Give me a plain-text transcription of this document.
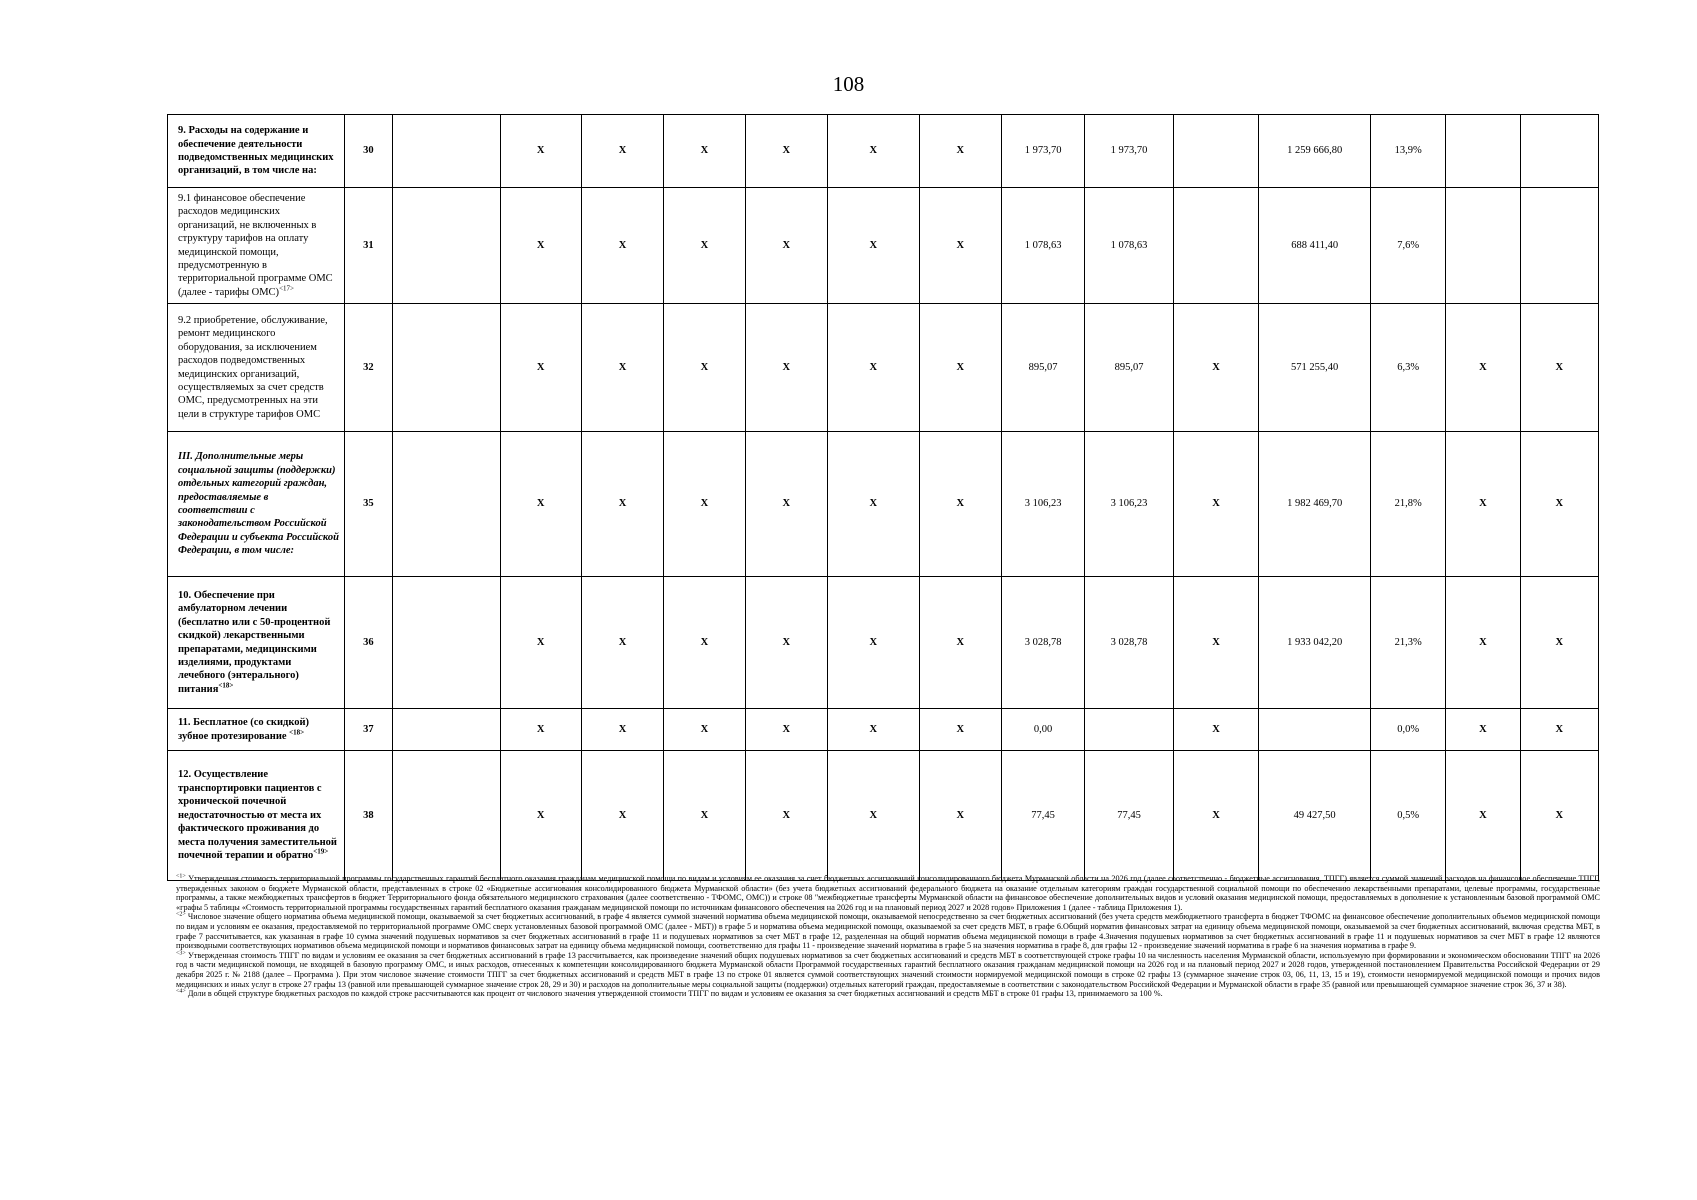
108
9. Расходы на содержание и обеспечение деятельности подведомственных медицинских организаций, в том числе на:	30		X	X	X	X	X	X	1 973,70	1 973,70		1 259 666,80	13,9%		
9.1 финансовое обеспечение расходов медицинских организаций, не включенных в структуру тарифов на оплату медицинской помощи, предусмотренную в территориальной программе ОМС (далее - тарифы ОМС)$^{<17>}$	31		X	X	X	X	X	X	1 078,63	1 078,63		688 411,40	7,6%		
9.2 приобретение, обслуживание, ремонт медицинского оборудования, за исключением расходов подведомственных медицинских организаций, осуществляемых за счет средств ОМС, предусмотренных на эти цели в структуре тарифов ОМС	32		X	X	X	X	X	X	895,07	895,07	X	571 255,40	6,3%	X	X
III. Дополнительные меры социальной защиты (поддержки) отдельных категорий граждан, предоставляемые в соответствии с законодательством Российской Федерации и субъекта Российской Федерации, в том числе:	35		X	X	X	X	X	X	3 106,23	3 106,23	X	1 982 469,70	21,8%	X	X
10. Обеспечение при амбулаторном лечении (бесплатно или с 50-процентной скидкой) лекарственными препаратами, медицинскими изделиями, продуктами лечебного (энтерального) питания$^{<18>}$	36		X	X	X	X	X	X	3 028,78	3 028,78	X	1 933 042,20	21,3%	X	X
11. Бесплатное (со скидкой) зубное протезирование $^{<18>}$	37		X	X	X	X	X	X	0,00		X		0,0%	X	X
12. Осуществление транспортировки пациентов с хронической почечной недостаточностью от места их фактического проживания до места получения заместительной почечной терапии и обратно$^{<19>}$	38		X	X	X	X	X	X	77,45	77,45	X	49 427,50	0,5%	X	X

$^{<1>}$ Утвержденная стоимость территориальной программы государственных гарантий бесплатного оказания гражданам медицинской помощи по видам и условиям ее оказания за счет бюджетных ассигнований консолидированного бюджета Мурманской области на 2026 год (далее соответственно - бюджетные ассигнования, ТПГГ) является суммой значений расходов на финансовое обеспечение ТПГГ, утвержденных законом о бюджете Мурманской области, представленных в строке 02 «Бюджетные ассигнования консолидированного бюджета Мурманской области» (без учета бюджетных ассигнований федерального бюджета на оказание отдельным категориям граждан государственной социальной помощи по обеспечению лекарственными препаратами, целевые программы, государственные программы, а также межбюджетных трансфертов в бюджет Территориального фонда обязательного медицинского страхования (далее соответственно - ТФОМС, ОМС)) и строке 08 "межбюджетные трансферты Мурманской области на финансовое обеспечение дополнительных видов и условий оказания медицинской помощи, предоставляемых в дополнение к установленным базовой программой ОМС «графы 5 таблицы «Стоимость территориальной программы государственных гарантий бесплатного оказания гражданам медицинской помощи по источникам финансового обеспечения на 2026 год и на плановый период 2027 и 2028 годов» Приложения 1 (далее - таблица Приложения 1).

$^{<2>}$ Числовое значение общего норматива объема медицинской помощи, оказываемой за счет бюджетных ассигнований, в графе 4 является суммой значений норматива объема медицинской помощи, оказываемой непосредственно за счет бюджетных ассигнований (без учета средств межбюджетного трансферта в бюджет ТФОМС на финансовое обеспечение дополнительных объемов медицинской помощи по видам и условиям ее оказания, предоставляемой по территориальной программе ОМС сверх установленных базовой программой ОМС (далее - МБТ)) в графе 5 и норматива объема медицинской помощи, оказываемой за счет средств МБТ, в графе 6.Общий норматив финансовых затрат на единицу объема медицинской помощи, оказываемой за счет бюджетных ассигнований, включая средства МБТ, в графе 7 рассчитывается, как указанная в графе 10 сумма значений подушевых нормативов за счет бюджетных ассигнований в графе 11 и подушевых нормативов за счет МБТ в графе 12, разделенная на общий норматив объема медицинской помощи в графе 4.Значения подушевых нормативов за счет бюджетных ассигнований в графе 11 и подушевых нормативов за счет МБТ в графе 12 являются производными соответствующих нормативов объема медицинской помощи и нормативов финансовых затрат на единицу объема медицинской помощи, соответственно для графы 11 - произведение значений норматива в графе 5 на значения норматива в графе 8, для графы 12 - произведение значений норматива в графе 6 на значения норматива в графе 9.

$^{<3>}$ Утвержденная стоимость ТПГГ по видам и условиям ее оказания за счет бюджетных ассигнований в графе 13 рассчитывается, как произведение значений общих подушевых нормативов за счет бюджетных ассигнований и средств МБТ в соответствующей строке графы 10 на численность населения Мурманской области, используемую при формировании и экономическом обосновании ТПГГ на 2026 год в части медицинской помощи, не входящей в базовую программу ОМС, и иных расходов, отнесенных к компетенции консолидированного бюджета Мурманской области Программой государственных гарантий бесплатного оказания гражданам медицинской помощи на 2026 год и на плановый период 2027 и 2028 годов, утвержденной постановлением Правительства Российской Федерации от 29 декабря 2025 г. № 2188 (далее – Программа ). При этом числовое значение стоимости ТПГГ за счет бюджетных ассигнований и средств МБТ в графе 13 по строке 01 является суммой соответствующих значений стоимости нормируемой медицинской помощи в строке 02 графы 13 (суммарное значение строк 03, 06, 11, 13, 15 и 19), стоимости ненормируемой медицинской помощи и прочих видов медицинских и иных услуг в строке 27 графы 13 (равной или превышающей суммарное значение строк 28, 29 и 30) и расходов на дополнительные меры социальной защиты (поддержки) отдельных категорий граждан, предоставляемые в соответствии с законодательством Российской Федерации и Мурманской области в графе 35 (равной или превышающей суммарное значение строк 36, 37 и 38).

$^{<4>}$ Доли в общей структуре бюджетных расходов по каждой строке рассчитываются как процент от числового значения утвержденной стоимости ТПГГ по видам и условиям ее оказания за счет бюджетных ассигнований и средств МБТ в строке 01 графы 13, принимаемого за 100 %.
